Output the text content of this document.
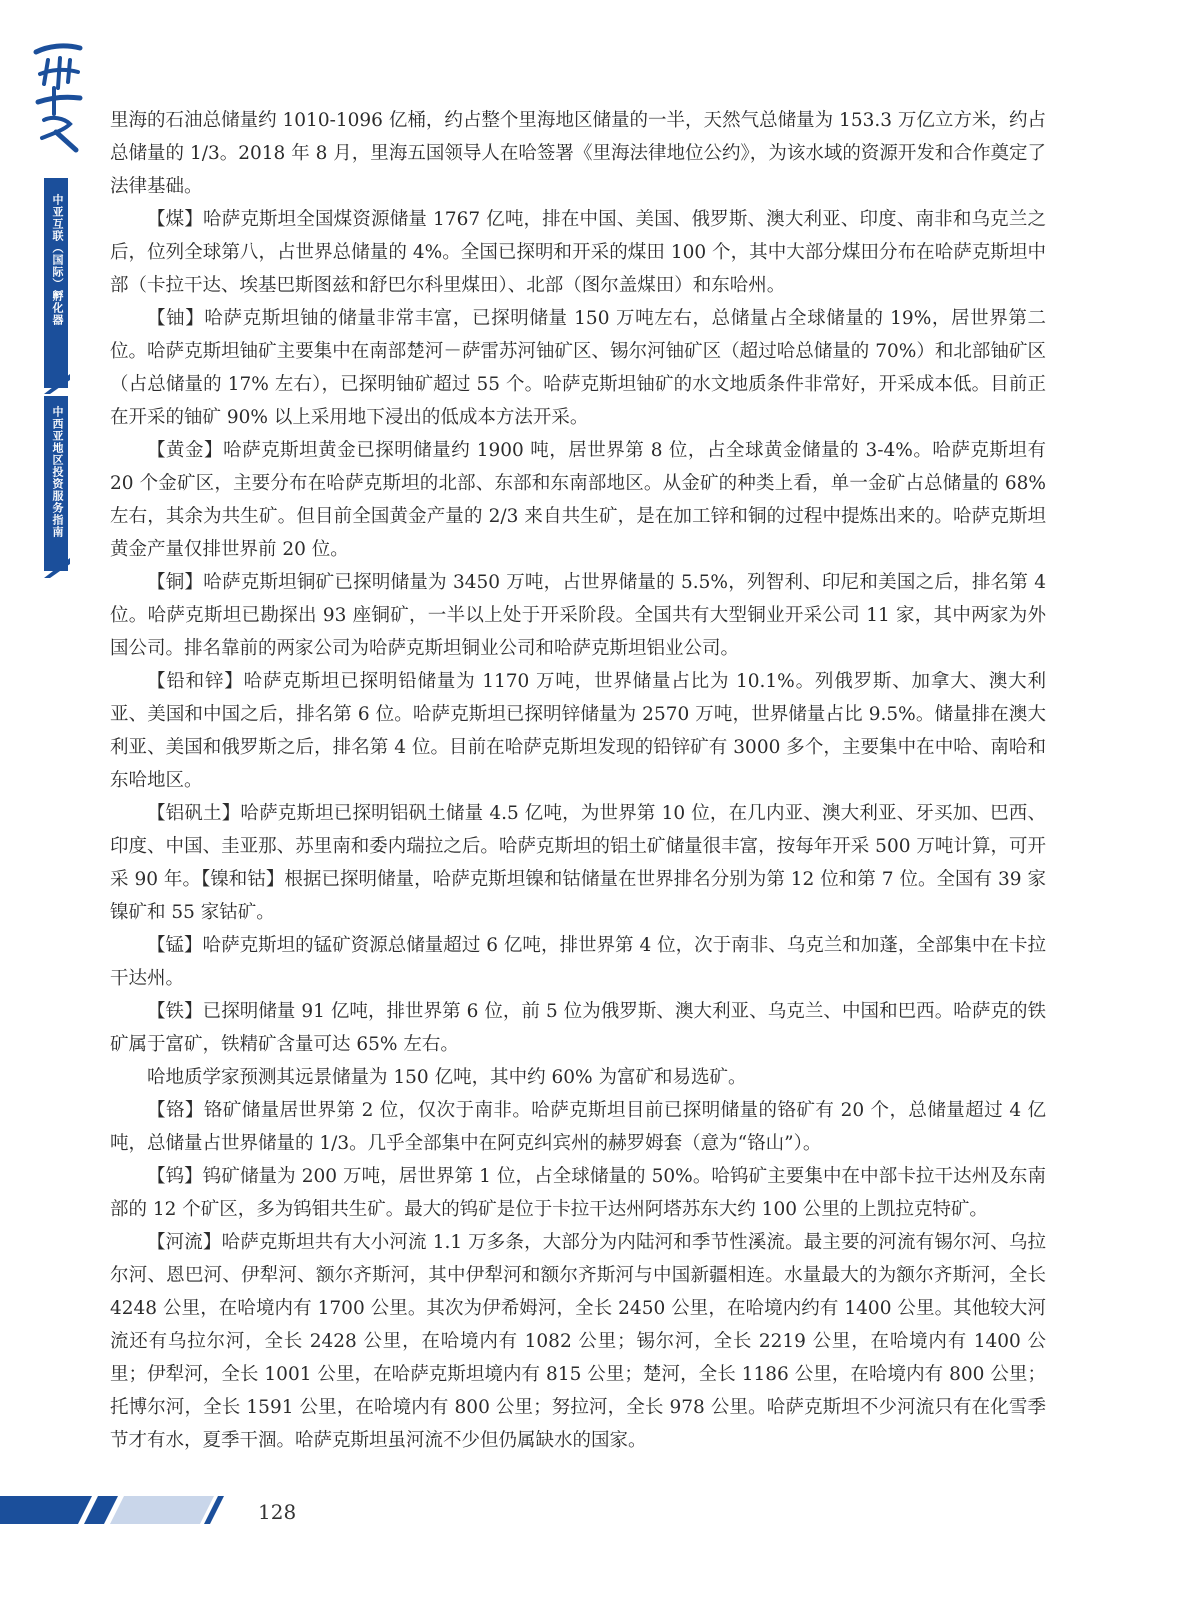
中亚互联（国际）孵化器
中西亚地区投资服务指南

里海的石油总储量约 1010-1096 亿桶，约占整个里海地区储量的一半，天然气总储量为 153.3 万亿立方米，约占总储量的 1/3。2018 年 8 月，里海五国领导人在哈签署《里海法律地位公约》，为该水域的资源开发和合作奠定了法律基础。

【煤】哈萨克斯坦全国煤资源储量 1767 亿吨，排在中国、美国、俄罗斯、澳大利亚、印度、南非和乌克兰之后，位列全球第八，占世界总储量的 4%。全国已探明和开采的煤田 100 个，其中大部分煤田分布在哈萨克斯坦中部（卡拉干达、埃基巴斯图兹和舒巴尔科里煤田）、北部（图尔盖煤田）和东哈州。

【铀】哈萨克斯坦铀的储量非常丰富，已探明储量 150 万吨左右，总储量占全球储量的 19%，居世界第二位。哈萨克斯坦铀矿主要集中在南部楚河－萨雷苏河铀矿区、锡尔河铀矿区（超过哈总储量的 70%）和北部铀矿区（占总储量的 17% 左右），已探明铀矿超过 55 个。哈萨克斯坦铀矿的水文地质条件非常好，开采成本低。目前正在开采的铀矿 90% 以上采用地下浸出的低成本方法开采。

【黄金】哈萨克斯坦黄金已探明储量约 1900 吨，居世界第 8 位，占全球黄金储量的 3-4%。哈萨克斯坦有 20 个金矿区，主要分布在哈萨克斯坦的北部、东部和东南部地区。从金矿的种类上看，单一金矿占总储量的 68% 左右，其余为共生矿。但目前全国黄金产量的 2/3 来自共生矿，是在加工锌和铜的过程中提炼出来的。哈萨克斯坦黄金产量仅排世界前 20 位。

【铜】哈萨克斯坦铜矿已探明储量为 3450 万吨，占世界储量的 5.5%，列智利、印尼和美国之后，排名第 4 位。哈萨克斯坦已勘探出 93 座铜矿，一半以上处于开采阶段。全国共有大型铜业开采公司 11 家，其中两家为外国公司。排名靠前的两家公司为哈萨克斯坦铜业公司和哈萨克斯坦铝业公司。

【铅和锌】哈萨克斯坦已探明铅储量为 1170 万吨，世界储量占比为 10.1%。列俄罗斯、加拿大、澳大利亚、美国和中国之后，排名第 6 位。哈萨克斯坦已探明锌储量为 2570 万吨，世界储量占比 9.5%。储量排在澳大利亚、美国和俄罗斯之后，排名第 4 位。目前在哈萨克斯坦发现的铅锌矿有 3000 多个，主要集中在中哈、南哈和东哈地区。

【铝矾土】哈萨克斯坦已探明铝矾土储量 4.5 亿吨，为世界第 10 位，在几内亚、澳大利亚、牙买加、巴西、印度、中国、圭亚那、苏里南和委内瑞拉之后。哈萨克斯坦的铝土矿储量很丰富，按每年开采 500 万吨计算，可开采 90 年。【镍和钴】根据已探明储量，哈萨克斯坦镍和钴储量在世界排名分别为第 12 位和第 7 位。全国有 39 家镍矿和 55 家钴矿。

【锰】哈萨克斯坦的锰矿资源总储量超过 6 亿吨，排世界第 4 位，次于南非、乌克兰和加蓬，全部集中在卡拉干达州。

【铁】已探明储量 91 亿吨，排世界第 6 位，前 5 位为俄罗斯、澳大利亚、乌克兰、中国和巴西。哈萨克的铁矿属于富矿，铁精矿含量可达 65% 左右。

哈地质学家预测其远景储量为 150 亿吨，其中约 60% 为富矿和易选矿。

【铬】铬矿储量居世界第 2 位，仅次于南非。哈萨克斯坦目前已探明储量的铬矿有 20 个，总储量超过 4 亿吨，总储量占世界储量的 1/3。几乎全部集中在阿克纠宾州的赫罗姆套（意为“铬山”）。

【钨】钨矿储量为 200 万吨，居世界第 1 位，占全球储量的 50%。哈钨矿主要集中在中部卡拉干达州及东南部的 12 个矿区，多为钨钼共生矿。最大的钨矿是位于卡拉干达州阿塔苏东大约 100 公里的上凯拉克特矿。

【河流】哈萨克斯坦共有大小河流 1.1 万多条，大部分为内陆河和季节性溪流。最主要的河流有锡尔河、乌拉尔河、恩巴河、伊犁河、额尔齐斯河，其中伊犁河和额尔齐斯河与中国新疆相连。水量最大的为额尔齐斯河，全长 4248 公里，在哈境内有 1700 公里。其次为伊希姆河，全长 2450 公里，在哈境内约有 1400 公里。其他较大河流还有乌拉尔河，全长 2428 公里，在哈境内有 1082 公里；锡尔河，全长 2219 公里，在哈境内有 1400 公里；伊犁河，全长 1001 公里，在哈萨克斯坦境内有 815 公里；楚河，全长 1186 公里，在哈境内有 800 公里；托博尔河，全长 1591 公里，在哈境内有 800 公里；努拉河，全长 978 公里。哈萨克斯坦不少河流只有在化雪季节才有水，夏季干涸。哈萨克斯坦虽河流不少但仍属缺水的国家。

128
